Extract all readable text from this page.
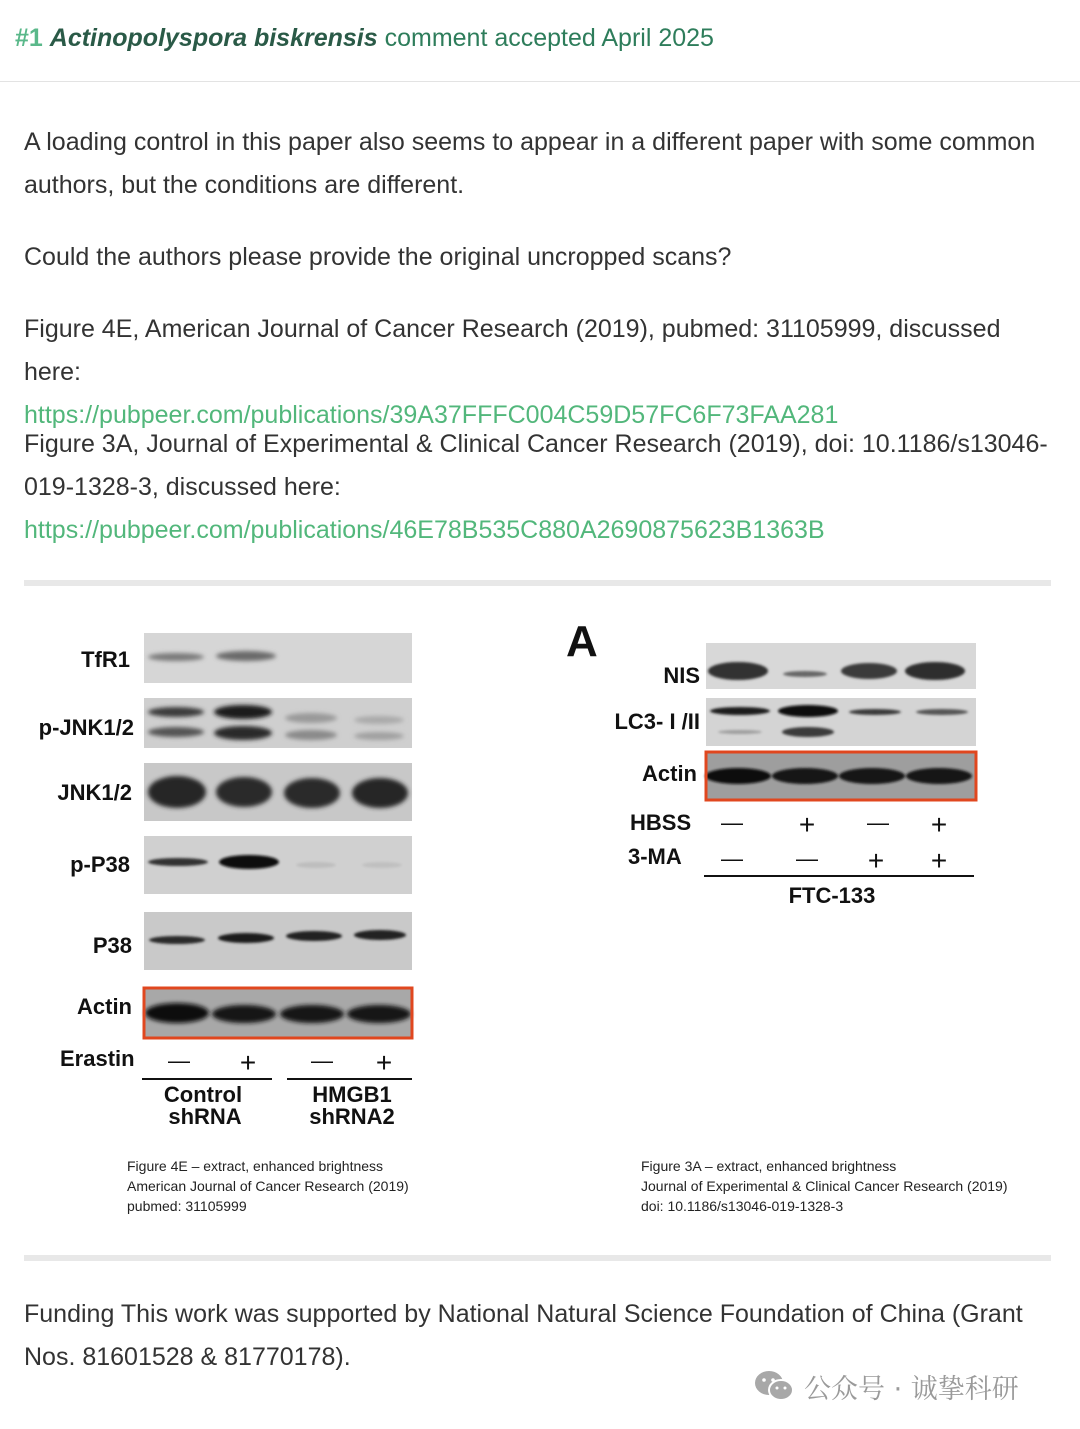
#1 Actinopolyspora biskrensis comment accepted April 2025

A loading control in this paper also seems to appear in a different paper with some common authors, but the conditions are different.

Could the authors please provide the original uncropped scans?

Figure 4E, American Journal of Cancer Research (2019), pubmed: 31105999, discussed here:
https://pubpeer.com/publications/39A37FFFC004C59D57FC6F73FAA281

Figure 3A, Journal of Experimental & Clinical Cancer Research (2019), doi: 10.1186/s13046-019-1328-3, discussed here:
https://pubpeer.com/publications/46E78B535C880A2690875623B1363B

TfR1
p-JNK1/2
JNK1/2
p-P38
P38
Actin
Erastin — + — +
Control
shRNA
HMGB1
shRNA2
A
NIS
LC3- I /II
Actin
HBSS — + — +
3-MA — — + +
FTC-133

Figure 4E – extract, enhanced brightness
American Journal of Cancer Research (2019)
pubmed: 31105999

Figure 3A – extract, enhanced brightness
Journal of Experimental & Clinical Cancer Research (2019)
doi: 10.1186/s13046-019-1328-3

Funding This work was supported by National Natural Science Foundation of China (Grant Nos. 81601528 & 81770178).

公众号 · 诚挚科研
